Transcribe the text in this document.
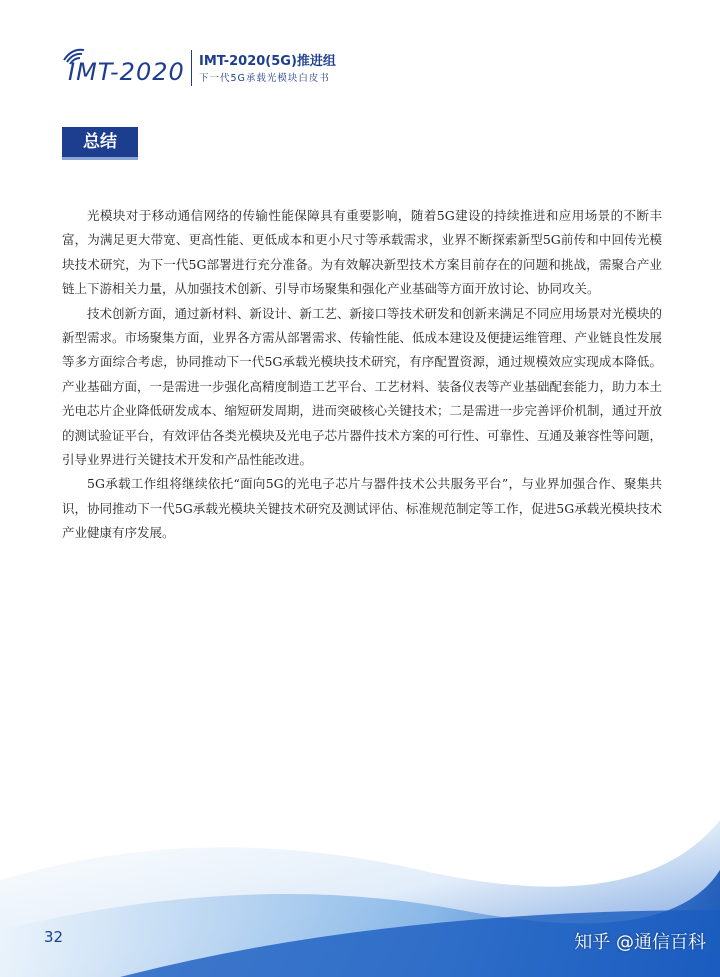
IMT-2020 IMT-2020(5G)推进组
下一代5G承载光模块白皮书
总结

光模块对于移动通信网络的传输性能保障具有重要影响，随着5G建设的持续推进和应用场景的不断丰富，为满足更大带宽、更高性能、更低成本和更小尺寸等承载需求，业界不断探索新型5G前传和中回传光模块技术研究，为下一代5G部署进行充分准备。为有效解决新型技术方案目前存在的问题和挑战，需聚合产业链上下游相关力量，从加强技术创新、引导市场聚集和强化产业基础等方面开放讨论、协同攻关。

技术创新方面，通过新材料、新设计、新工艺、新接口等技术研发和创新来满足不同应用场景对光模块的新型需求。市场聚集方面，业界各方需从部署需求、传输性能、低成本建设及便捷运维管理、产业链良性发展等多方面综合考虑，协同推动下一代5G承载光模块技术研究，有序配置资源，通过规模效应实现成本降低。产业基础方面，一是需进一步强化高精度制造工艺平台、工艺材料、装备仪表等产业基础配套能力，助力本土光电芯片企业降低研发成本、缩短研发周期，进而突破核心关键技术；二是需进一步完善评价机制，通过开放的测试验证平台，有效评估各类光模块及光电子芯片器件技术方案的可行性、可靠性、互通及兼容性等问题，引导业界进行关键技术开发和产品性能改进。

5G承载工作组将继续依托“面向5G的光电子芯片与器件技术公共服务平台”，与业界加强合作、聚集共识，协同推动下一代5G承载光模块关键技术研究及测试评估、标准规范制定等工作，促进5G承载光模块技术产业健康有序发展。

32	知乎 @通信百科
